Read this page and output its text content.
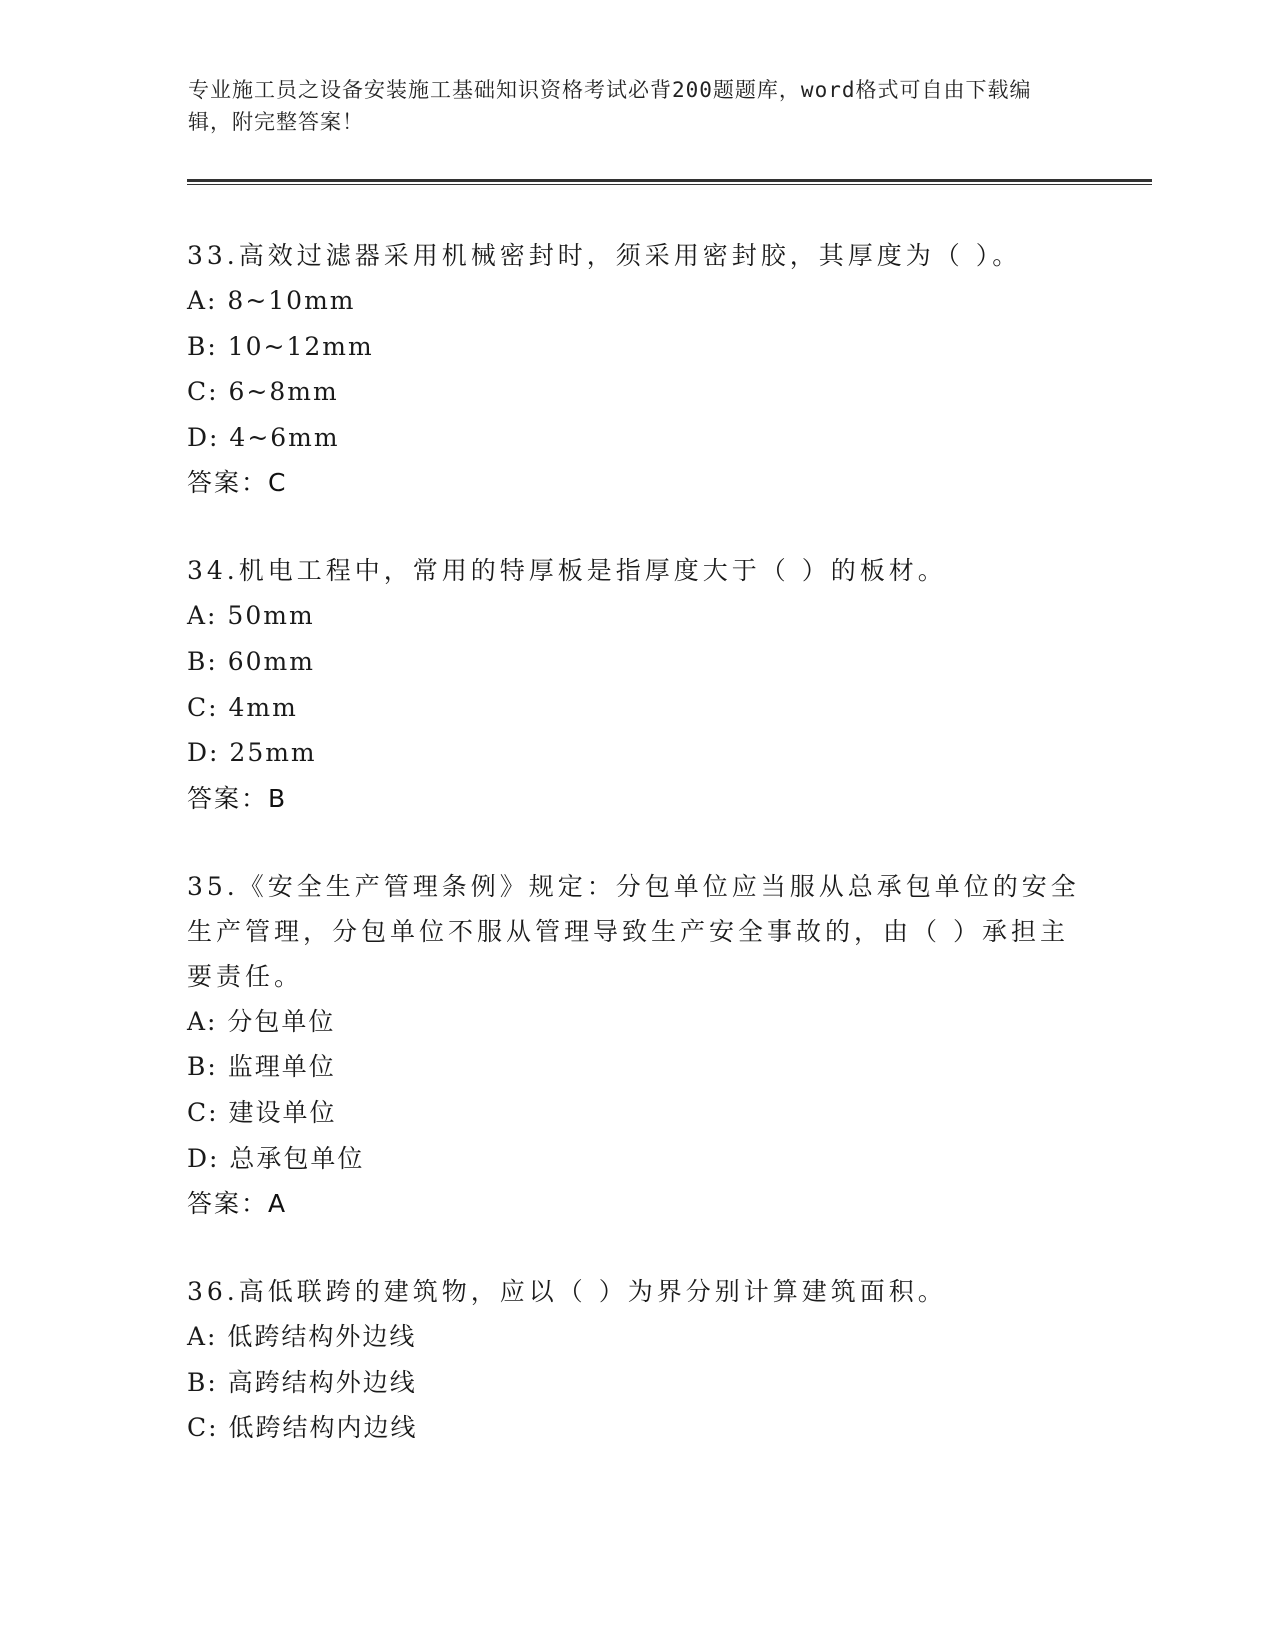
专业施工员之设备安装施工基础知识资格考试必背200题题库，word格式可自由下载编辑，附完整答案！
33.高效过滤器采用机械密封时，须采用密封胶，其厚度为（ ）。
A: 8~10mm
B: 10~12mm
C: 6~8mm
D: 4~6mm
答案：C
34.机电工程中，常用的特厚板是指厚度大于（ ）的板材。
A: 50mm
B: 60mm
C: 4mm
D: 25mm
答案：B
35.《安全生产管理条例》规定：分包单位应当服从总承包单位的安全生产管理，分包单位不服从管理导致生产安全事故的，由（ ）承担主要责任。
A: 分包单位
B: 监理单位
C: 建设单位
D: 总承包单位
答案：A
36.高低联跨的建筑物，应以（ ）为界分别计算建筑面积。
A: 低跨结构外边线
B: 高跨结构外边线
C: 低跨结构内边线
